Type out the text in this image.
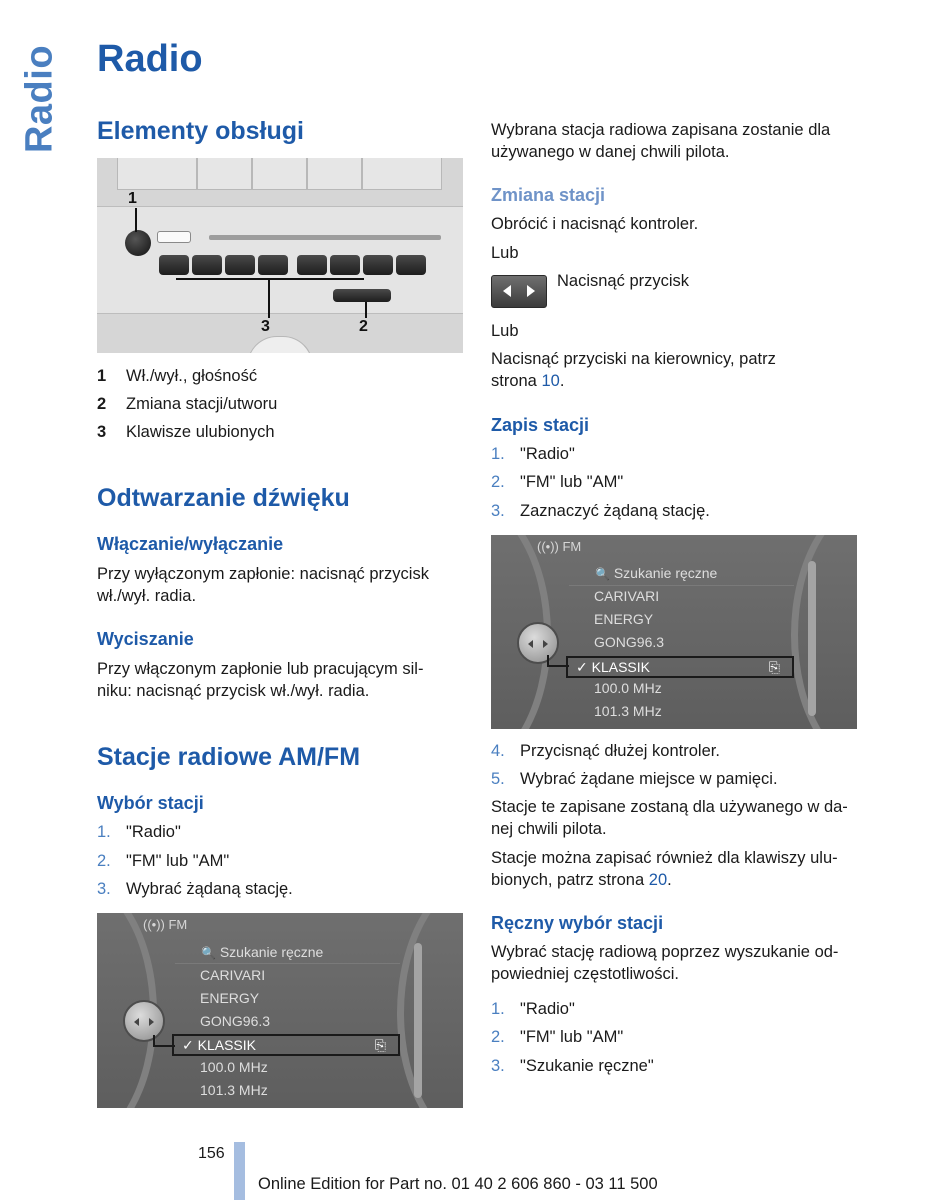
Radio Radio
Elementy obsługi
1
3	2
1 Wł./wył., głośność
2 Zmiana stacji/utworu
3 Klawisze ulubionych
Odtwarzanie dźwięku
Włączanie/wyłączanie

Przy wyłączonym zapłonie: nacisnąć przycisk wł./wył. radia.

Wyciszanie

Przy włączonym zapłonie lub pracującym sil-

niku: nacisnąć przycisk wł./wył. radia.

Stacje radiowe AM/FM
Wybór stacji
1. "Radio"
2. "FM" lub "AM"
3. Wybrać żądaną stację.
((•)) FM
🔍 Szukanie ręczne
CARIVARI
ENERGY
GONG96.3
✓ KLASSIK	⎘
100.0 MHz
101.3 MHz

Wybrana stacja radiowa zapisana zostanie dla używanego w danej chwili pilota.

Zmiana stacji

Obrócić i nacisnąć kontroler.

Lub

Nacisnąć przycisk

Lub

Nacisnąć przyciski na kierownicy, patrz strona 10.

Zapis stacji
1. "Radio"
2. "FM" lub "AM"
3. Zaznaczyć żądaną stację.
((•)) FM
🔍 Szukanie ręczne
CARIVARI
ENERGY
GONG96.3
✓ KLASSIK	⎘
100.0 MHz
101.3 MHz
4. Przycisnąć dłużej kontroler.
5. Wybrać żądane miejsce w pamięci.

Stacje te zapisane zostaną dla używanego w da-

nej chwili pilota.

Stacje można zapisać również dla klawiszy ulu-

bionych, patrz strona 20.

Ręczny wybór stacji

Wybrać stację radiową poprzez wyszukanie od-

powiedniej częstotliwości.

1. "Radio"
2. "FM" lub "AM"
3. "Szukanie ręczne"
156
Online Edition for Part no. 01 40 2 606 860 - 03 11 500
